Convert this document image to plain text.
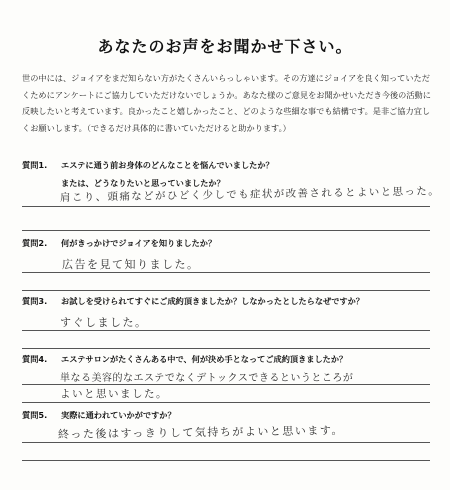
あなたのお声をお聞かせ下さい。
世の中には、ジョイアをまだ知らない方がたくさんいらっしゃいます。その方達にジョイアを良く知っていただくためにアンケートにご協力していただけないでしょうか。あなた様のご意見をお聞かせいただき今後の活動に反映したいと考えています。良かったこと嬉しかったこと、どのような些細な事でも結構です。是非ご協力宜しくお願いします。（できるだけ具体的に書いていただけると助かります。）
質問1. エステに通う前お身体のどんなことを悩んでいましたか？
または、どうなりたいと思っていましたか？
肩こり、頭痛などがひどく少しでも症状が改善されるとよいと思った。
質問2. 何がきっかけでジョイアを知りましたか？
広告を見て知りました。
質問3. お試しを受けられてすぐにご成約頂きましたか？しなかったとしたらなぜですか？
すぐしました。
質問4. エステサロンがたくさんある中で、何が決め手となってご成約頂きましたか？
単なる美容的なエステでなくデトックスできるというところが
よいと思いました。
質問5. 実際に通われていかがですか？
終った後はすっきりして気持ちがよいと思います。
